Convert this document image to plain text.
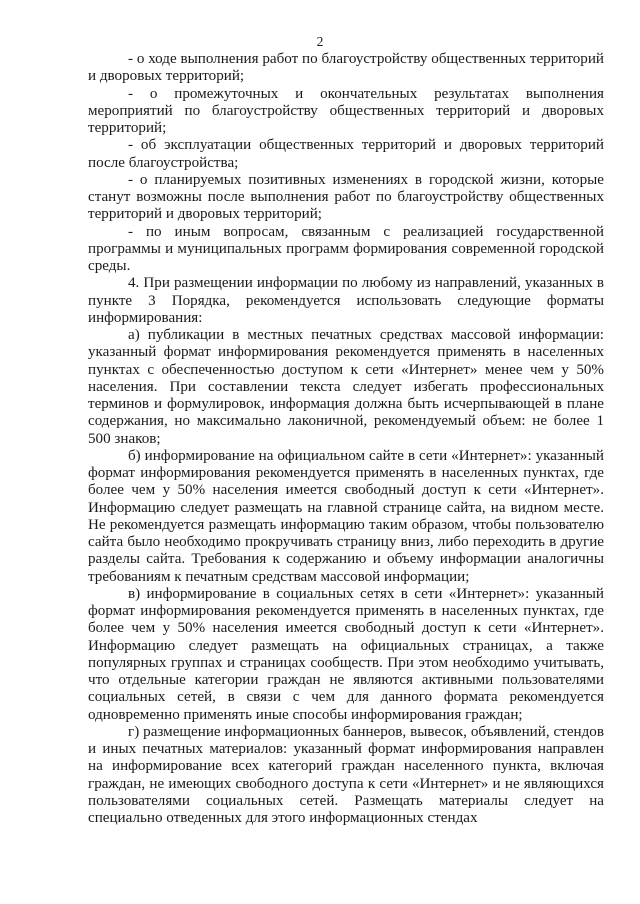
2

- о ходе выполнения работ по благоустройству общественных территорий и дворовых территорий;

- о промежуточных и окончательных результатах выполнения мероприятий по благоустройству общественных территорий и дворовых территорий;

- об эксплуатации общественных территорий и дворовых территорий после благоустройства;

- о планируемых позитивных изменениях в городской жизни, которые станут возможны после выполнения работ по благоустройству общественных территорий и дворовых территорий;

- по иным вопросам, связанным с реализацией государственной программы и муниципальных программ формирования современной городской среды.

4. При размещении информации по любому из направлений, указанных в пункте 3 Порядка, рекомендуется использовать следующие форматы информирования:

а) публикации в местных печатных средствах массовой информации: указанный формат информирования рекомендуется применять в населенных пунктах с обеспеченностью доступом к сети «Интернет» менее чем у 50% населения. При составлении текста следует избегать профессиональных терминов и формулировок, информация должна быть исчерпывающей в плане содержания, но максимально лаконичной, рекомендуемый объем: не более 1 500 знаков;

б) информирование на официальном сайте в сети «Интернет»: указанный формат информирования рекомендуется применять в населенных пунктах, где более чем у 50% населения имеется свободный доступ к сети «Интернет». Информацию следует размещать на главной странице сайта, на видном месте. Не рекомендуется размещать информацию таким образом, чтобы пользователю сайта было необходимо прокручивать страницу вниз, либо переходить в другие разделы сайта. Требования к содержанию и объему информации аналогичны требованиям к печатным средствам массовой информации;

в) информирование в социальных сетях в сети «Интернет»: указанный формат информирования рекомендуется применять в населенных пунктах, где более чем у 50% населения имеется свободный доступ к сети «Интернет». Информацию следует размещать на официальных страницах, а также популярных группах и страницах сообществ. При этом необходимо учитывать, что отдельные категории граждан не являются активными пользователями социальных сетей, в связи с чем для данного формата рекомендуется одновременно применять иные способы информирования граждан;

г) размещение информационных баннеров, вывесок, объявлений, стендов и иных печатных материалов: указанный формат информирования направлен на информирование всех категорий граждан населенного пункта, включая граждан, не имеющих свободного доступа к сети «Интернет» и не являющихся пользователями социальных сетей. Размещать материалы следует на специально отведенных для этого информационных стендах
